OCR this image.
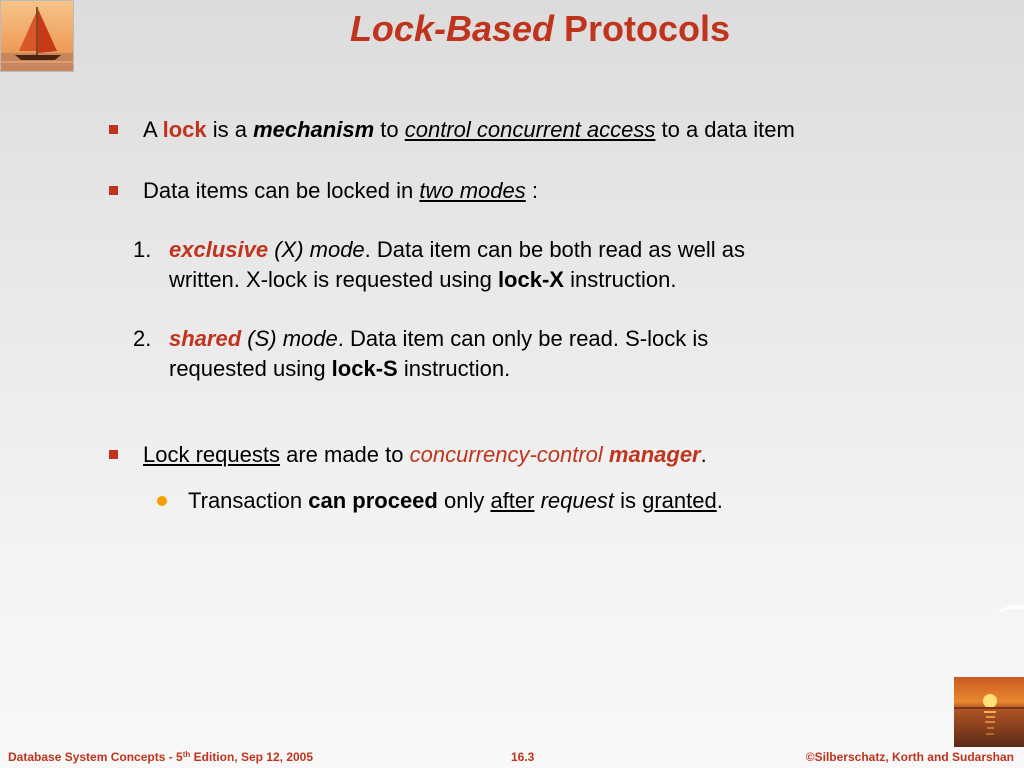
Lock-Based Protocols
A lock is a mechanism to control concurrent access to a data item
Data items can be locked in two modes :
1. exclusive (X) mode. Data item can be both read as well as
written. X-lock is requested using lock-X instruction.
2. shared (S) mode. Data item can only be read. S-lock is
requested using lock-S instruction.
Lock requests are made to concurrency-control manager.
Transaction can proceed only after request is granted.
Database System Concepts - 5th Edition, Sep 12, 2005	16.3	©Silberschatz, Korth and Sudarshan
